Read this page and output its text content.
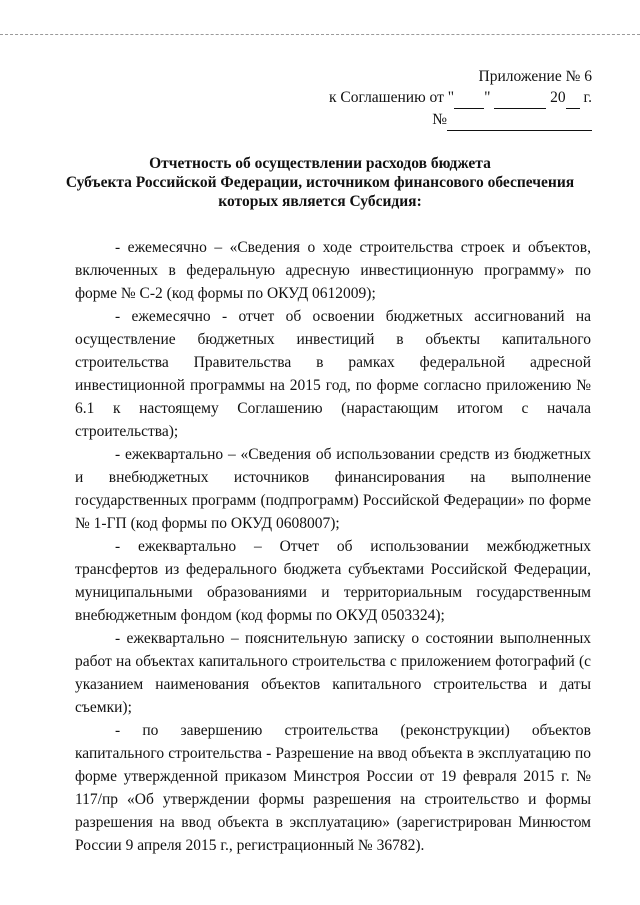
Приложение № 6
к Соглашению от " "	20 г.
№
Отчетность об осуществлении расходов бюджета
Субъекта Российской Федерации, источником финансового обеспечения
которых является Субсидия:

- ежемесячно – «Сведения о ходе строительства строек и объектов, включенных в федеральную адресную инвестиционную программу» по форме № С-2 (код формы по ОКУД 0612009);

- ежемесячно - отчет об освоении бюджетных ассигнований на осуществление бюджетных инвестиций в объекты капитального строительства Правительства в рамках федеральной адресной инвестиционной программы на 2015 год, по форме согласно приложению № 6.1 к настоящему Соглашению (нарастающим итогом с начала строительства);

- ежеквартально – «Сведения об использовании средств из бюджетных и внебюджетных источников финансирования на выполнение государственных программ (подпрограмм) Российской Федерации» по форме № 1-ГП (код формы по ОКУД 0608007);

- ежеквартально – Отчет об использовании межбюджетных трансфертов из федерального бюджета субъектами Российской Федерации, муниципальными образованиями и территориальным государственным внебюджетным фондом (код формы по ОКУД 0503324);

- ежеквартально – пояснительную записку о состоянии выполненных работ на объектах капитального строительства с приложением фотографий (с указанием наименования объектов капитального строительства и даты съемки);

- по завершению строительства (реконструкции) объектов капитального строительства - Разрешение на ввод объекта в эксплуатацию по форме утвержденной приказом Минстроя России от 19 февраля 2015 г. № 117/пр «Об утверждении формы разрешения на строительство и формы разрешения на ввод объекта в эксплуатацию» (зарегистрирован Минюстом России 9 апреля 2015 г., регистрационный № 36782).
